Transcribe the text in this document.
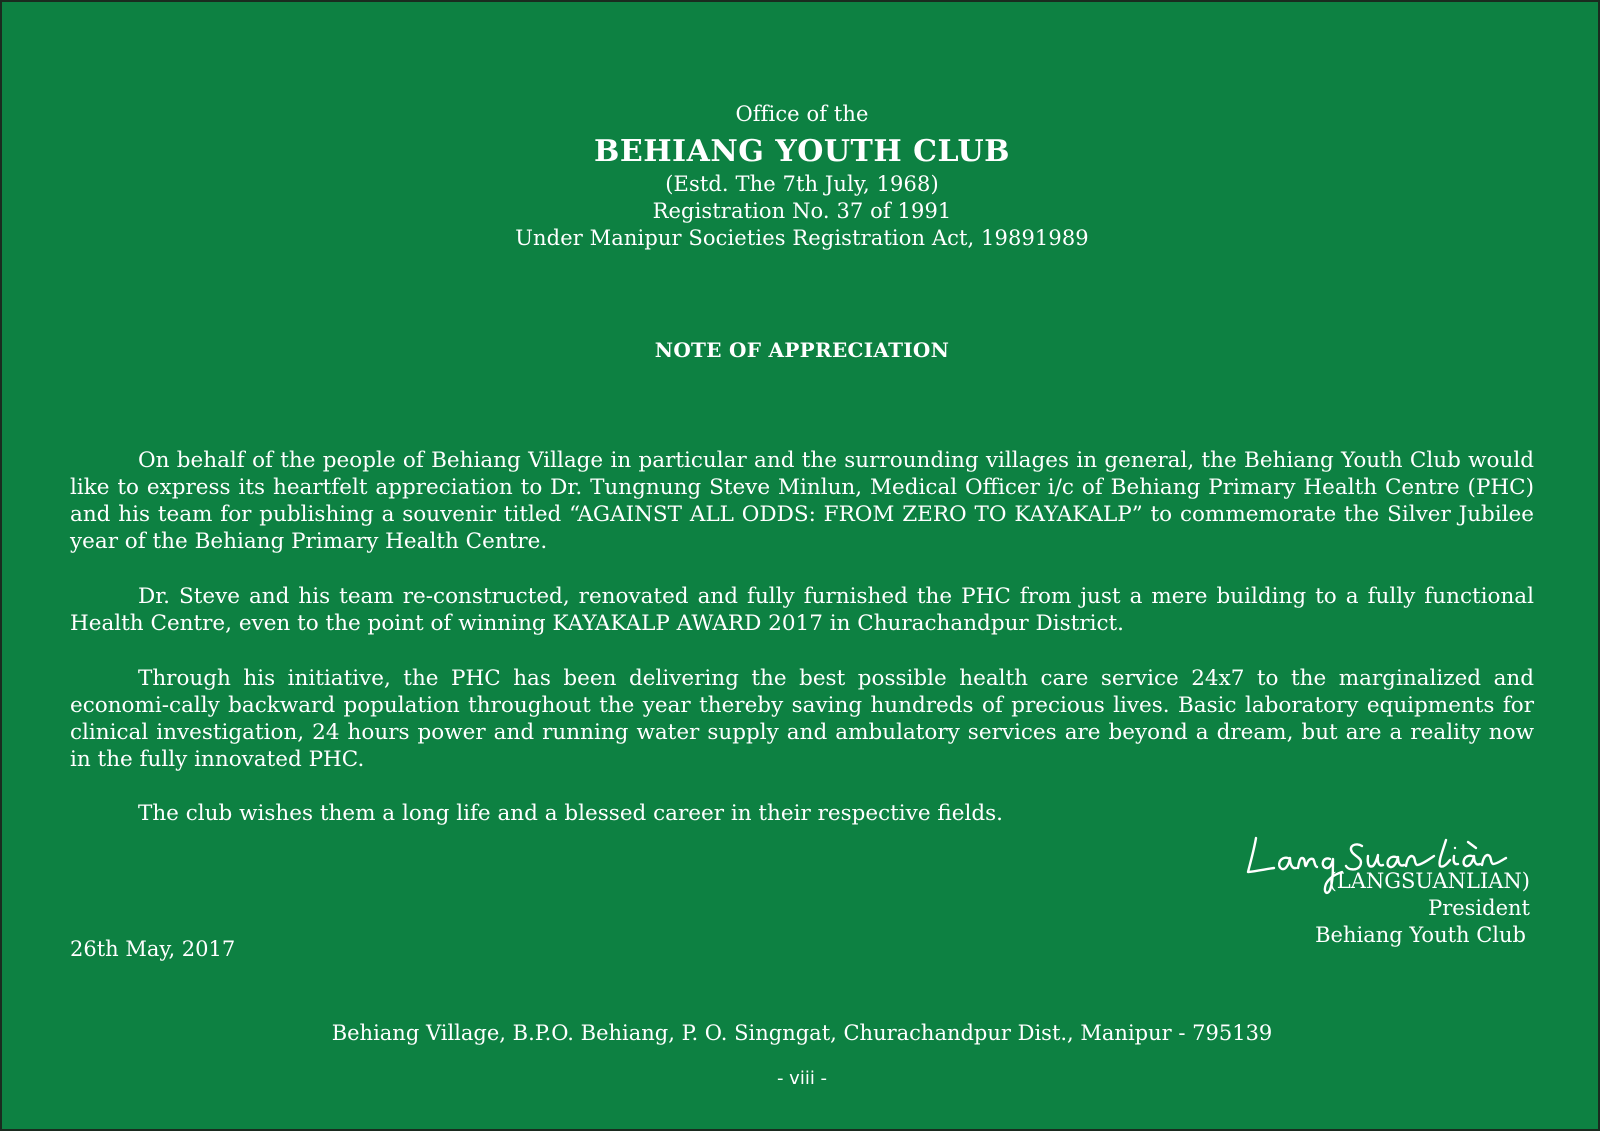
Office of the
BEHIANG YOUTH CLUB
(Estd. The 7th July, 1968)
Registration No. 37 of 1991
Under Manipur Societies Registration Act, 19891989
NOTE OF APPRECIATION

On behalf of the people of Behiang Village in particular and the surrounding villages in general, the Behiang Youth Club would like to express its heartfelt appreciation to Dr. Tungnung Steve Minlun, Medical Officer i/c of Behiang Primary Health Centre (PHC) and his team for publishing a souvenir titled “AGAINST ALL ODDS: FROM ZERO TO KAYAKALP” to commemorate the Silver Jubilee year of the Behiang Primary Health Centre.

Dr. Steve and his team re-constructed, renovated and fully furnished the PHC from just a mere building to a fully functional Health Centre, even to the point of winning KAYAKALP AWARD 2017 in Churachandpur District.

Through his initiative, the PHC has been delivering the best possible health care service 24x7 to the marginalized and economi-cally backward population throughout the year thereby saving hundreds of precious lives. Basic laboratory equipments for clinical investigation, 24 hours power and running water supply and ambulatory services are beyond a dream, but are a reality now in the fully innovated PHC.

The club wishes them a long life and a blessed career in their respective fields.

(LANGSUANLIAN)
President
Behiang Youth Club
26th May, 2017
Behiang Village, B.P.O. Behiang, P. O. Singngat, Churachandpur Dist., Manipur - 795139
- viii -
